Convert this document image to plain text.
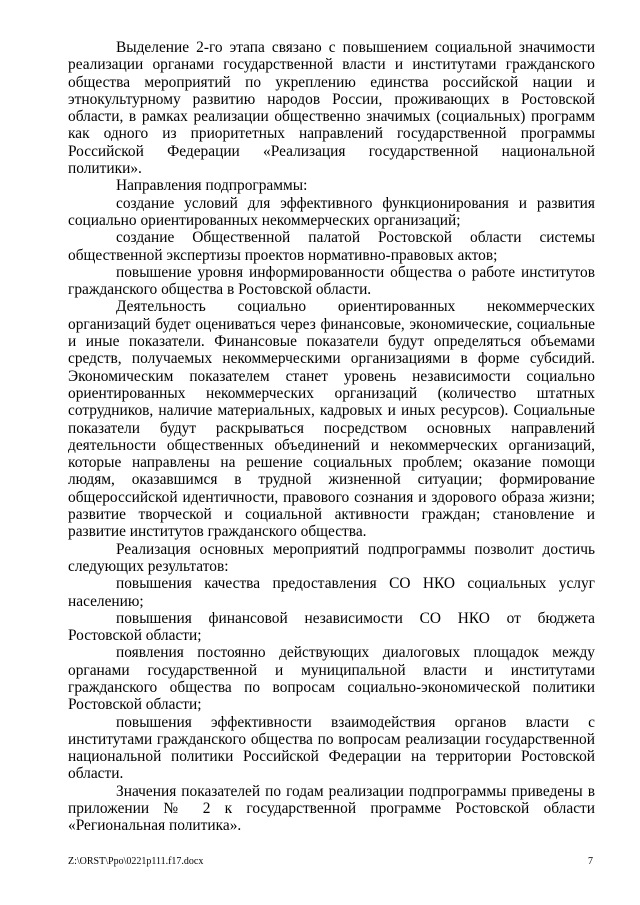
Выделение 2-го этапа связано с повышением социальной значимости реализации органами государственной власти и институтами гражданского общества мероприятий по укреплению единства российской нации и этнокультурному развитию народов России, проживающих в Ростовской области, в рамках реализации общественно значимых (социальных) программ как одного из приоритетных направлений государственной программы Российской Федерации «Реализация государственной национальной политики».

Направления подпрограммы:

создание условий для эффективного функционирования и развития социально ориентированных некоммерческих организаций;

создание Общественной палатой Ростовской области системы общественной экспертизы проектов нормативно-правовых актов;

повышение уровня информированности общества о работе институтов гражданского общества в Ростовской области.

Деятельность социально ориентированных некоммерческих организаций будет оцениваться через финансовые, экономические, социальные и иные показатели. Финансовые показатели будут определяться объемами средств, получаемых некоммерческими организациями в форме субсидий. Экономическим показателем станет уровень независимости социально ориентированных некоммерческих организаций (количество штатных сотрудников, наличие материальных, кадровых и иных ресурсов). Социальные показатели будут раскрываться посредством основных направлений деятельности общественных объединений и некоммерческих организаций, которые направлены на решение социальных проблем; оказание помощи людям, оказавшимся в трудной жизненной ситуации; формирование общероссийской идентичности, правового сознания и здорового образа жизни; развитие творческой и социальной активности граждан; становление и развитие институтов гражданского общества.

Реализация основных мероприятий подпрограммы позволит достичь следующих результатов:

повышения качества предоставления СО НКО социальных услуг населению;

повышения финансовой независимости СО НКО от бюджета Ростовской области;

появления постоянно действующих диалоговых площадок между органами государственной и муниципальной власти и институтами гражданского общества по вопросам социально-экономической политики Ростовской области;

повышения эффективности взаимодействия органов власти с институтами гражданского общества по вопросам реализации государственной национальной политики Российской Федерации на территории Ростовской области.

Значения показателей по годам реализации подпрограммы приведены в приложении № 2 к государственной программе Ростовской области «Региональная политика».

Z:\ORST\Ppo\0221p111.f17.docx	7
